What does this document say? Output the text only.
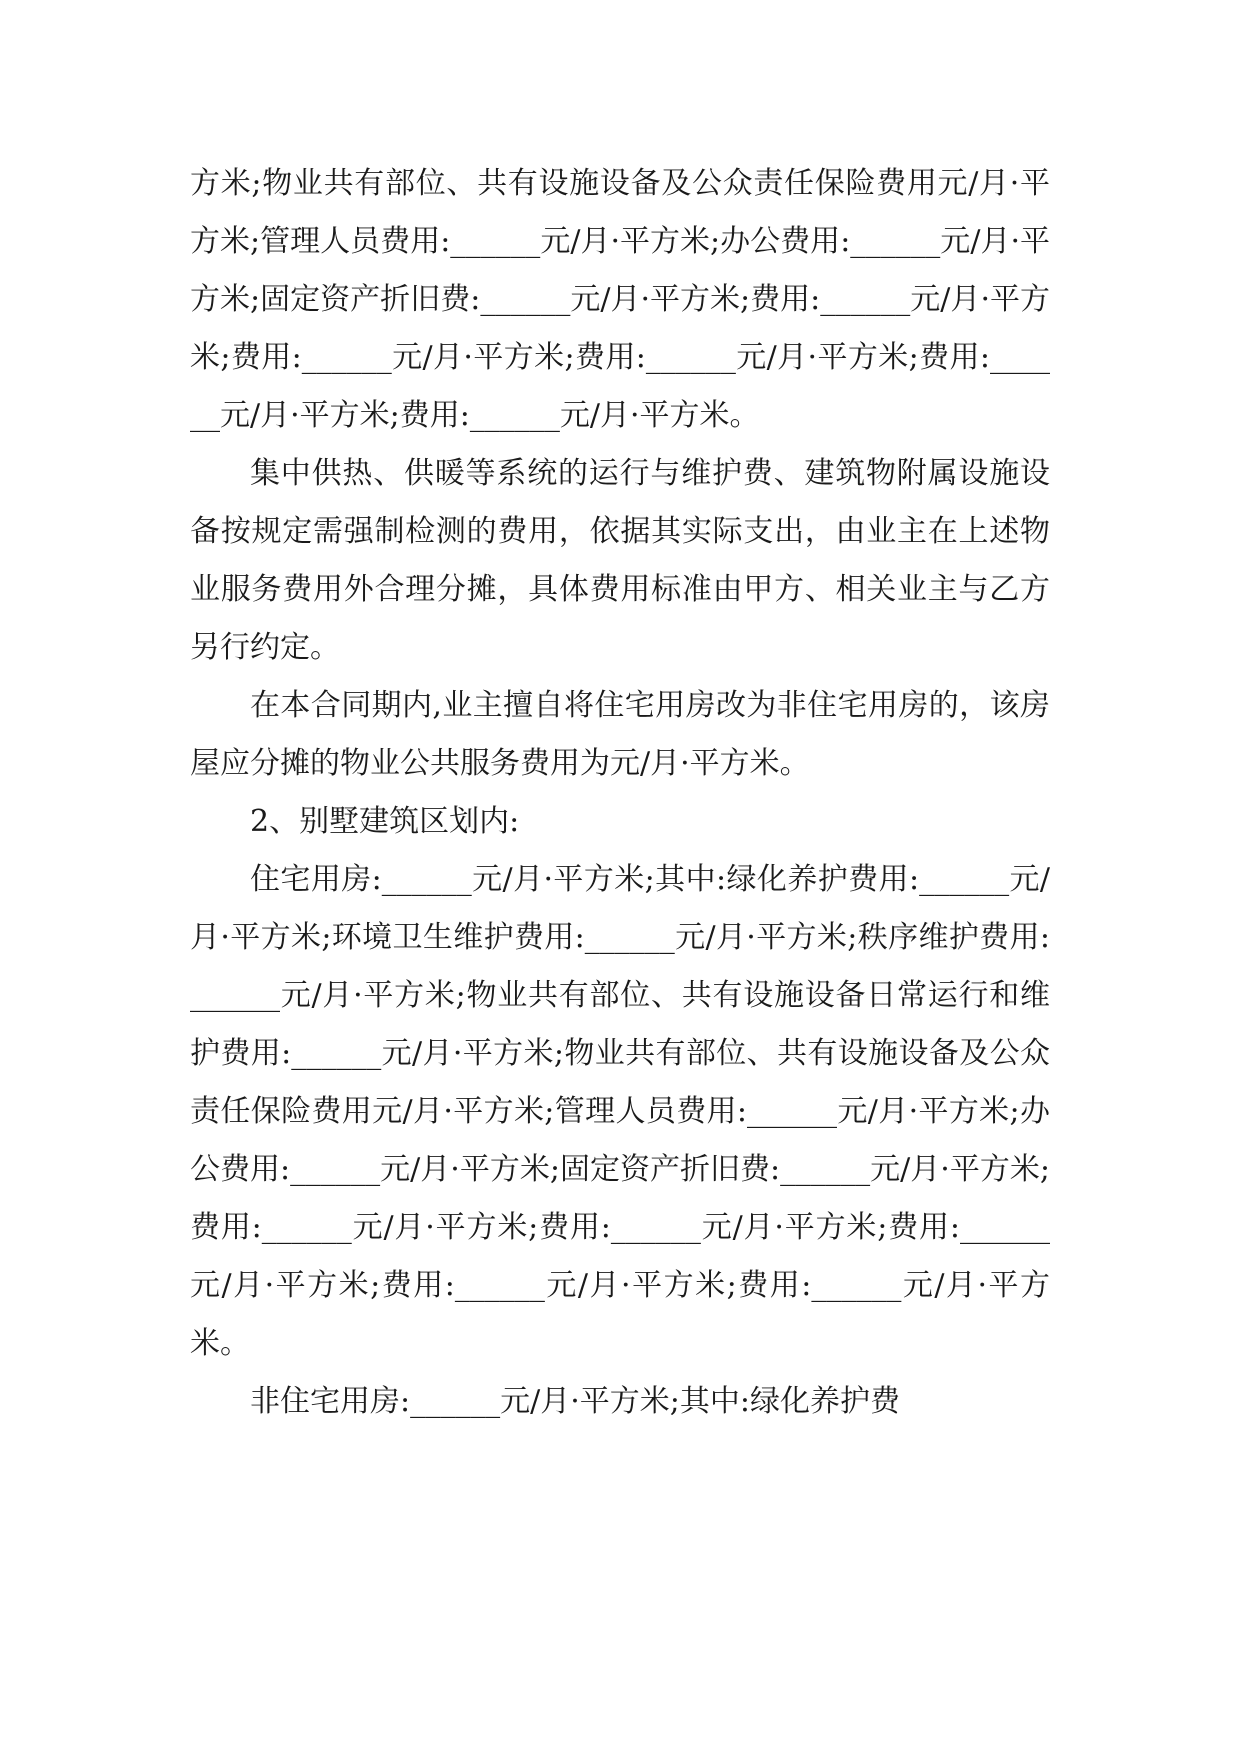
方米;物业共有部位、共有设施设备及公众责任保险费用元/月·平方米;管理人员费用:______元/月·平方米;办公费用:______元/月·平方米;固定资产折旧费:______元/月·平方米;费用:______元/月·平方米;费用:______元/月·平方米;费用:______元/月·平方米;费用:______元/月·平方米;费用:______元/月·平方米。

集中供热、供暖等系统的运行与维护费、建筑物附属设施设备按规定需强制检测的费用，依据其实际支出，由业主在上述物业服务费用外合理分摊，具体费用标准由甲方、相关业主与乙方另行约定。

在本合同期内,业主擅自将住宅用房改为非住宅用房的，该房屋应分摊的物业公共服务费用为元/月·平方米。

2、别墅建筑区划内:

住宅用房:______元/月·平方米;其中:绿化养护费用:______元/月·平方米;环境卫生维护费用:______元/月·平方米;秩序维护费用:______元/月·平方米;物业共有部位、共有设施设备日常运行和维护费用:______元/月·平方米;物业共有部位、共有设施设备及公众责任保险费用元/月·平方米;管理人员费用:______元/月·平方米;办公费用:______元/月·平方米;固定资产折旧费:______元/月·平方米;费用:______元/月·平方米;费用:______元/月·平方米;费用:______元/月·平方米;费用:______元/月·平方米;费用:______元/月·平方米。

非住宅用房:______元/月·平方米;其中:绿化养护费
